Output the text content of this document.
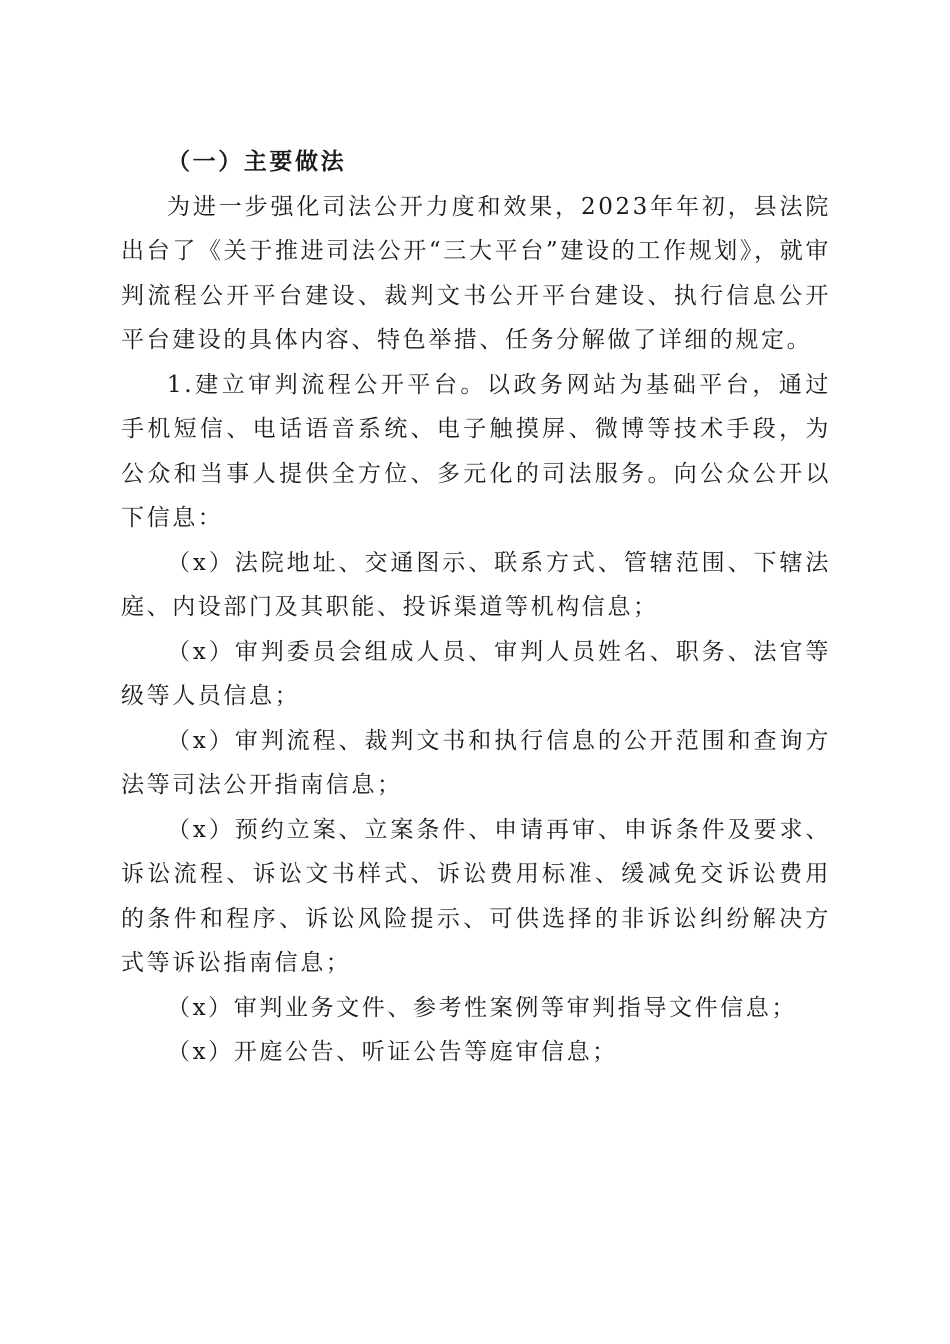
（一）主要做法

为进一步强化司法公开力度和效果，2023年年初，县法院出台了《关于推进司法公开“三大平台”建设的工作规划》，就审判流程公开平台建设、裁判文书公开平台建设、执行信息公开平台建设的具体内容、特色举措、任务分解做了详细的规定。

1.建立审判流程公开平台。以政务网站为基础平台，通过手机短信、电话语音系统、电子触摸屏、微博等技术手段，为公众和当事人提供全方位、多元化的司法服务。向公众公开以下信息：

（x）法院地址、交通图示、联系方式、管辖范围、下辖法庭、内设部门及其职能、投诉渠道等机构信息；

（x）审判委员会组成人员、审判人员姓名、职务、法官等级等人员信息；

（x）审判流程、裁判文书和执行信息的公开范围和查询方法等司法公开指南信息；

（x）预约立案、立案条件、申请再审、申诉条件及要求、诉讼流程、诉讼文书样式、诉讼费用标准、缓减免交诉讼费用的条件和程序、诉讼风险提示、可供选择的非诉讼纠纷解决方式等诉讼指南信息；

（x）审判业务文件、参考性案例等审判指导文件信息；

（x）开庭公告、听证公告等庭审信息；
